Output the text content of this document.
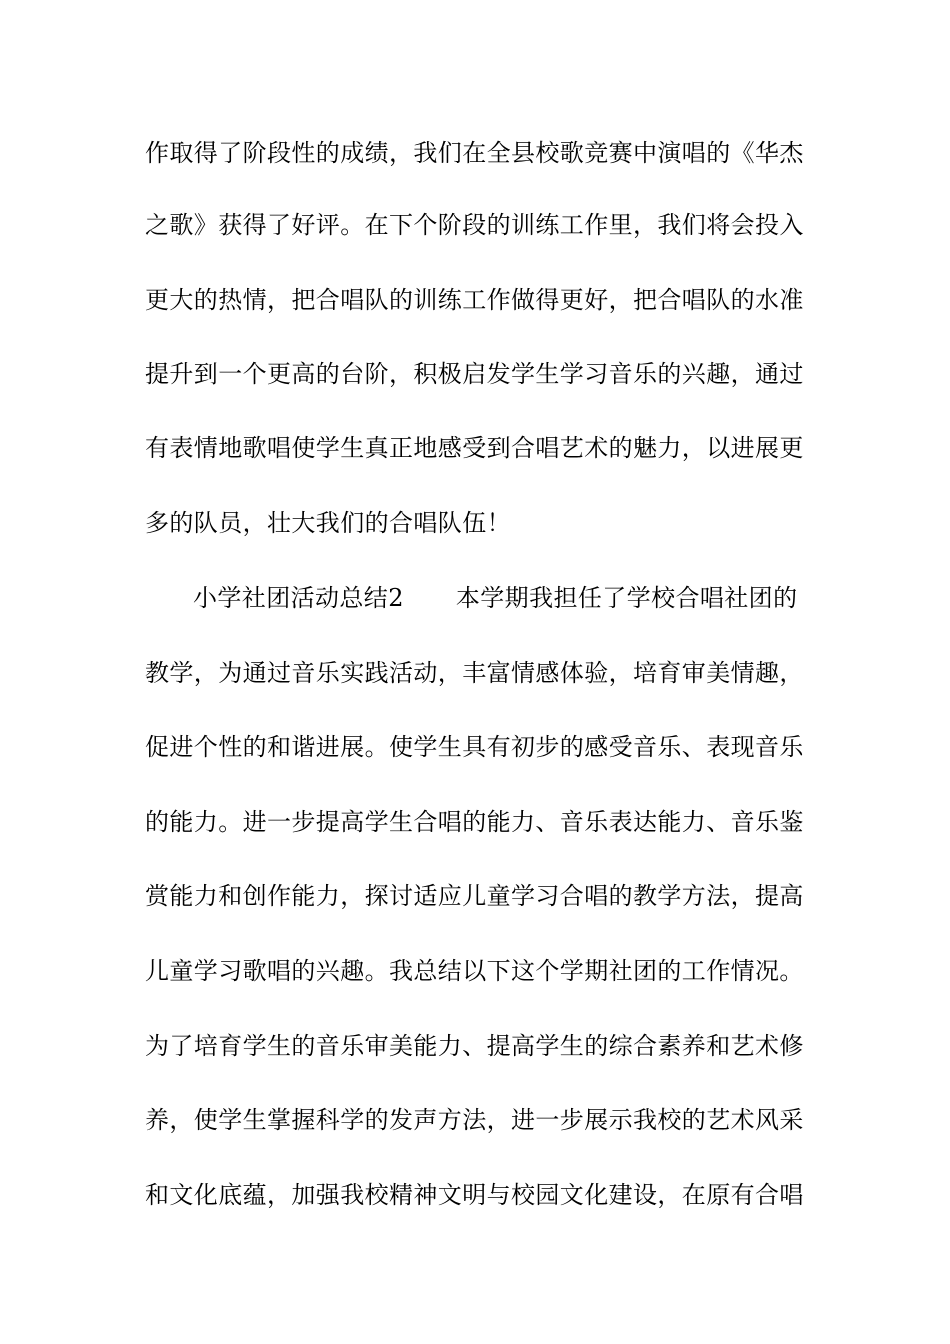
作取得了阶段性的成绩，我们在全县校歌竞赛中演唱的《华杰
之歌》获得了好评。在下个阶段的训练工作里，我们将会投入
更大的热情，把合唱队的训练工作做得更好，把合唱队的水准
提升到一个更高的台阶，积极启发学生学习音乐的兴趣，通过
有表情地歌唱使学生真正地感受到合唱艺术的魅力，以进展更
多的队员，壮大我们的合唱队伍！
小学社团活动总结2 本学期我担任了学校合唱社团的
教学，为通过音乐实践活动，丰富情感体验，培育审美情趣，
促进个性的和谐进展。使学生具有初步的感受音乐、表现音乐
的能力。进一步提高学生合唱的能力、音乐表达能力、音乐鉴
赏能力和创作能力，探讨适应儿童学习合唱的教学方法，提高
儿童学习歌唱的兴趣。我总结以下这个学期社团的工作情况。
为了培育学生的音乐审美能力、提高学生的综合素养和艺术修
养，使学生掌握科学的发声方法，进一步展示我校的艺术风采
和文化底蕴，加强我校精神文明与校园文化建设，在原有合唱
